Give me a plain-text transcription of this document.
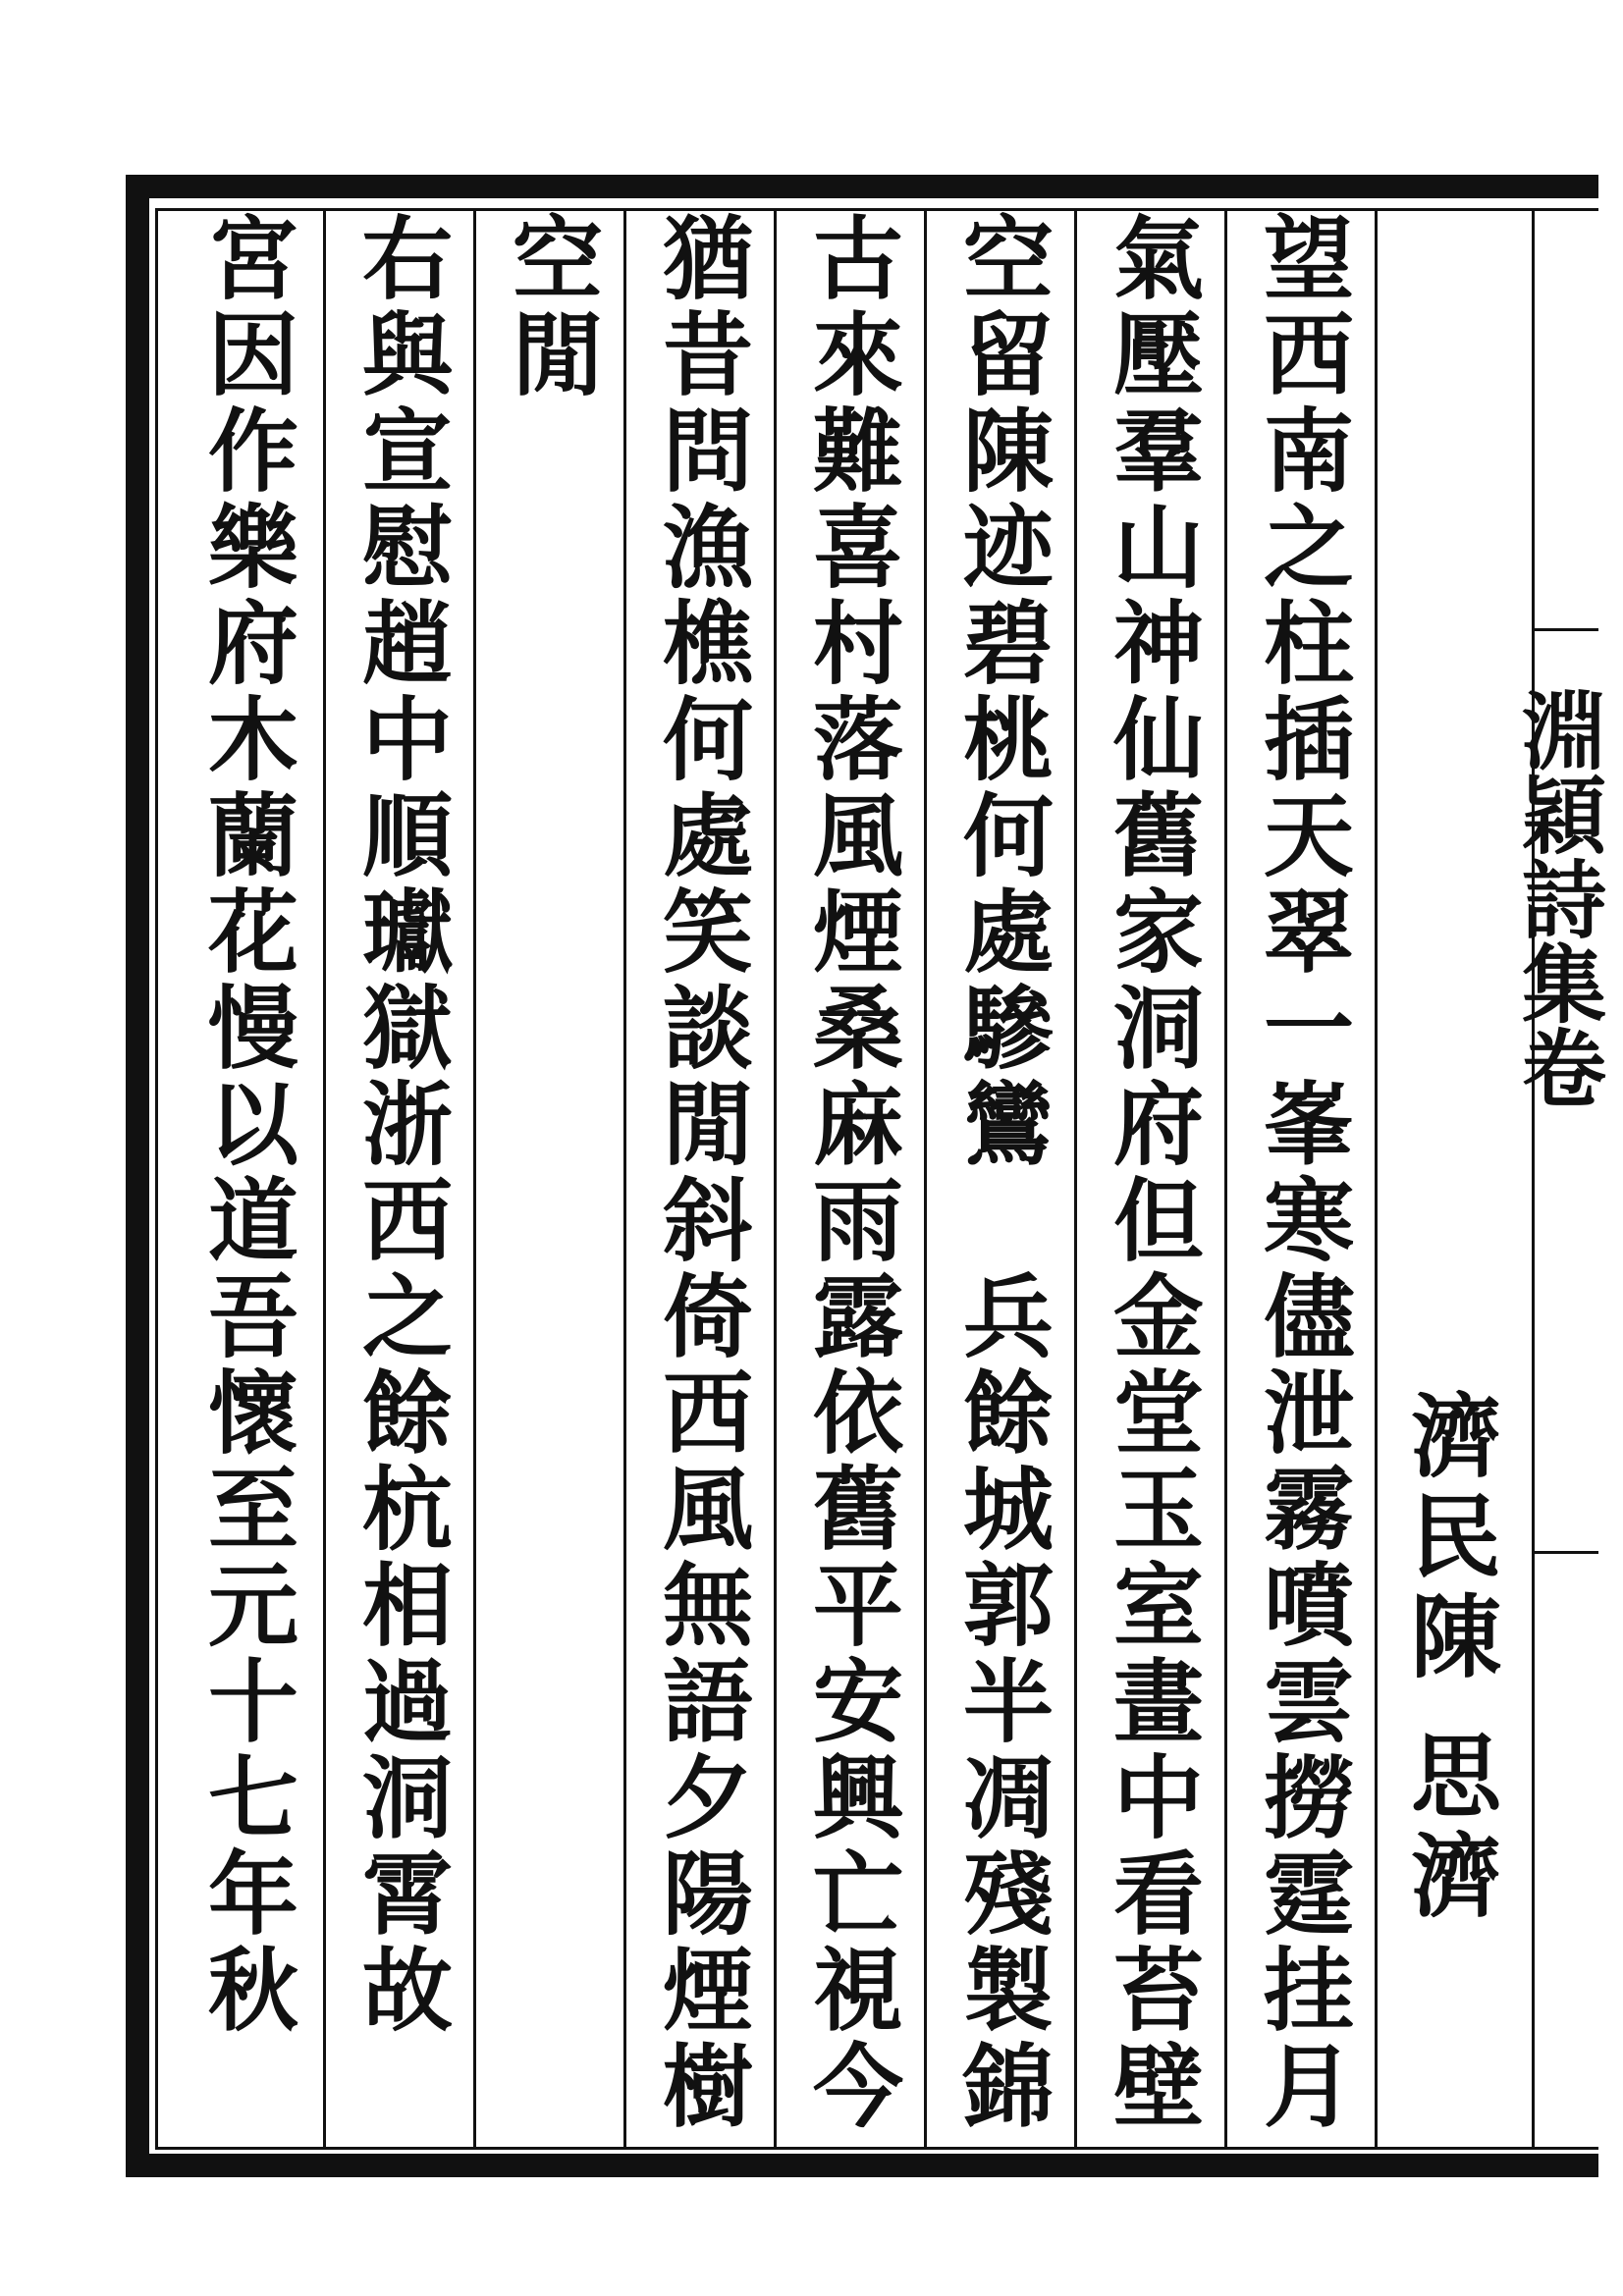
淵穎詩集卷
濟民陳
思濟
望西南之柱插天翠一峯寒儘泄霧噴雲撈霆挂月
氣壓羣山神仙舊家洞府但金堂玉室畫中看苔壁
空留陳迹碧桃何處驂鸞　兵餘城郭半凋殘製錦
古來難喜村落風煙桑麻雨露依舊平安興亡視今
猶昔問漁樵何處笑談閒斜倚西風無語夕陽煙樹
空閒
右與宣慰趙中順瓛獄浙西之餘杭相過洞霄故
宮因作樂府木蘭花慢以道吾懷至元十七年秋
